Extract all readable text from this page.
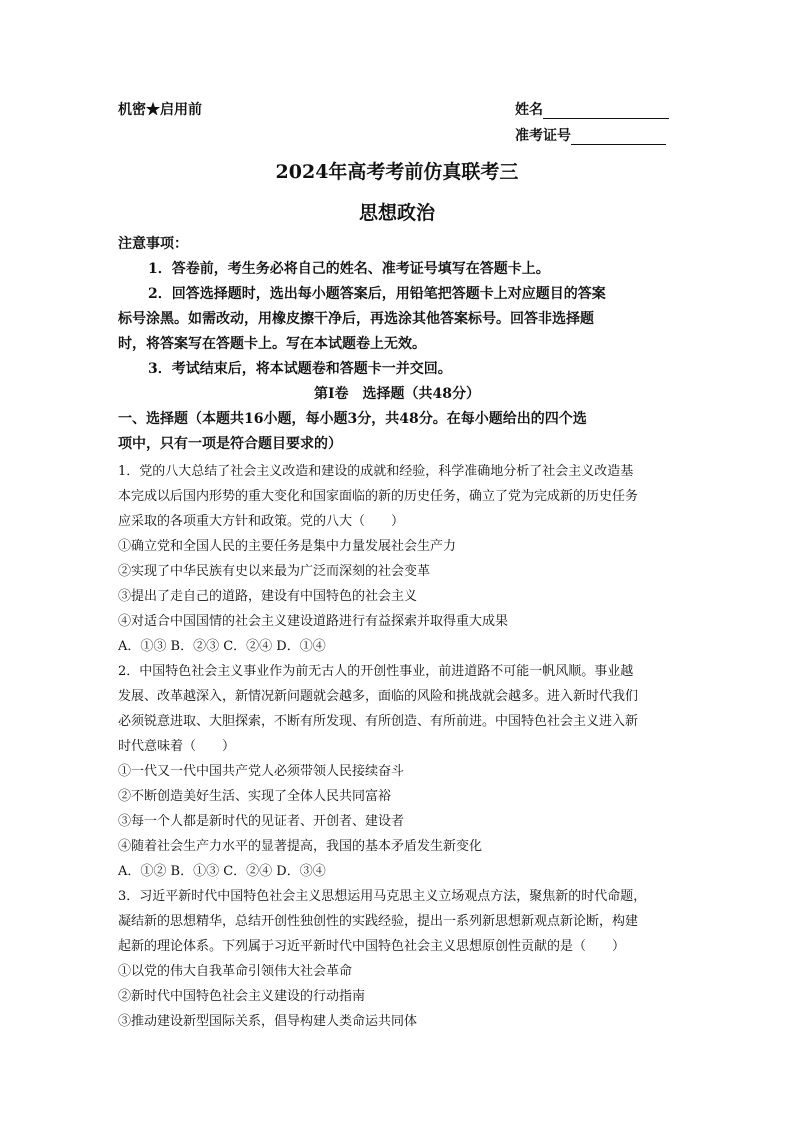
机密★启用前	姓名
准考证号
2024年高考考前仿真联考三
思想政治
注意事项：
1．答卷前，考生务必将自己的姓名、准考证号填写在答题卡上。
2．回答选择题时，选出每小题答案后，用铅笔把答题卡上对应题目的答案
标号涂黑。如需改动，用橡皮擦干净后，再选涂其他答案标号。回答非选择题
时，将答案写在答题卡上。写在本试题卷上无效。
3．考试结束后，将本试题卷和答题卡一并交回。
第Ⅰ卷　选择题（共48分）
一、选择题（本题共16小题，每小题3分，共48分。在每小题给出的四个选
项中，只有一项是符合题目要求的）
1．党的八大总结了社会主义改造和建设的成就和经验，科学准确地分析了社会主义改造基
本完成以后国内形势的重大变化和国家面临的新的历史任务，确立了党为完成新的历史任务
应采取的各项重大方针和政策。党的八大（　　）
①确立党和全国人民的主要任务是集中力量发展社会生产力
②实现了中华民族有史以来最为广泛而深刻的社会变革
③提出了走自己的道路，建设有中国特色的社会主义
④对适合中国国情的社会主义建设道路进行有益探索并取得重大成果
A．①③ B．②③ C．②④ D．①④
2．中国特色社会主义事业作为前无古人的开创性事业，前进道路不可能一帆风顺。事业越
发展、改革越深入，新情况新问题就会越多，面临的风险和挑战就会越多。进入新时代我们
必须锐意进取、大胆探索，不断有所发现、有所创造、有所前进。中国特色社会主义进入新
时代意味着（　　）
①一代又一代中国共产党人必须带领人民接续奋斗
②不断创造美好生活、实现了全体人民共同富裕
③每一个人都是新时代的见证者、开创者、建设者
④随着社会生产力水平的显著提高，我国的基本矛盾发生新变化
A．①② B．①③ C．②④ D．③④
3．习近平新时代中国特色社会主义思想运用马克思主义立场观点方法，聚焦新的时代命题，
凝结新的思想精华，总结开创性独创性的实践经验，提出一系列新思想新观点新论断，构建
起新的理论体系。下列属于习近平新时代中国特色社会主义思想原创性贡献的是（　　）
①以党的伟大自我革命引领伟大社会革命
②新时代中国特色社会主义建设的行动指南
③推动建设新型国际关系，倡导构建人类命运共同体
